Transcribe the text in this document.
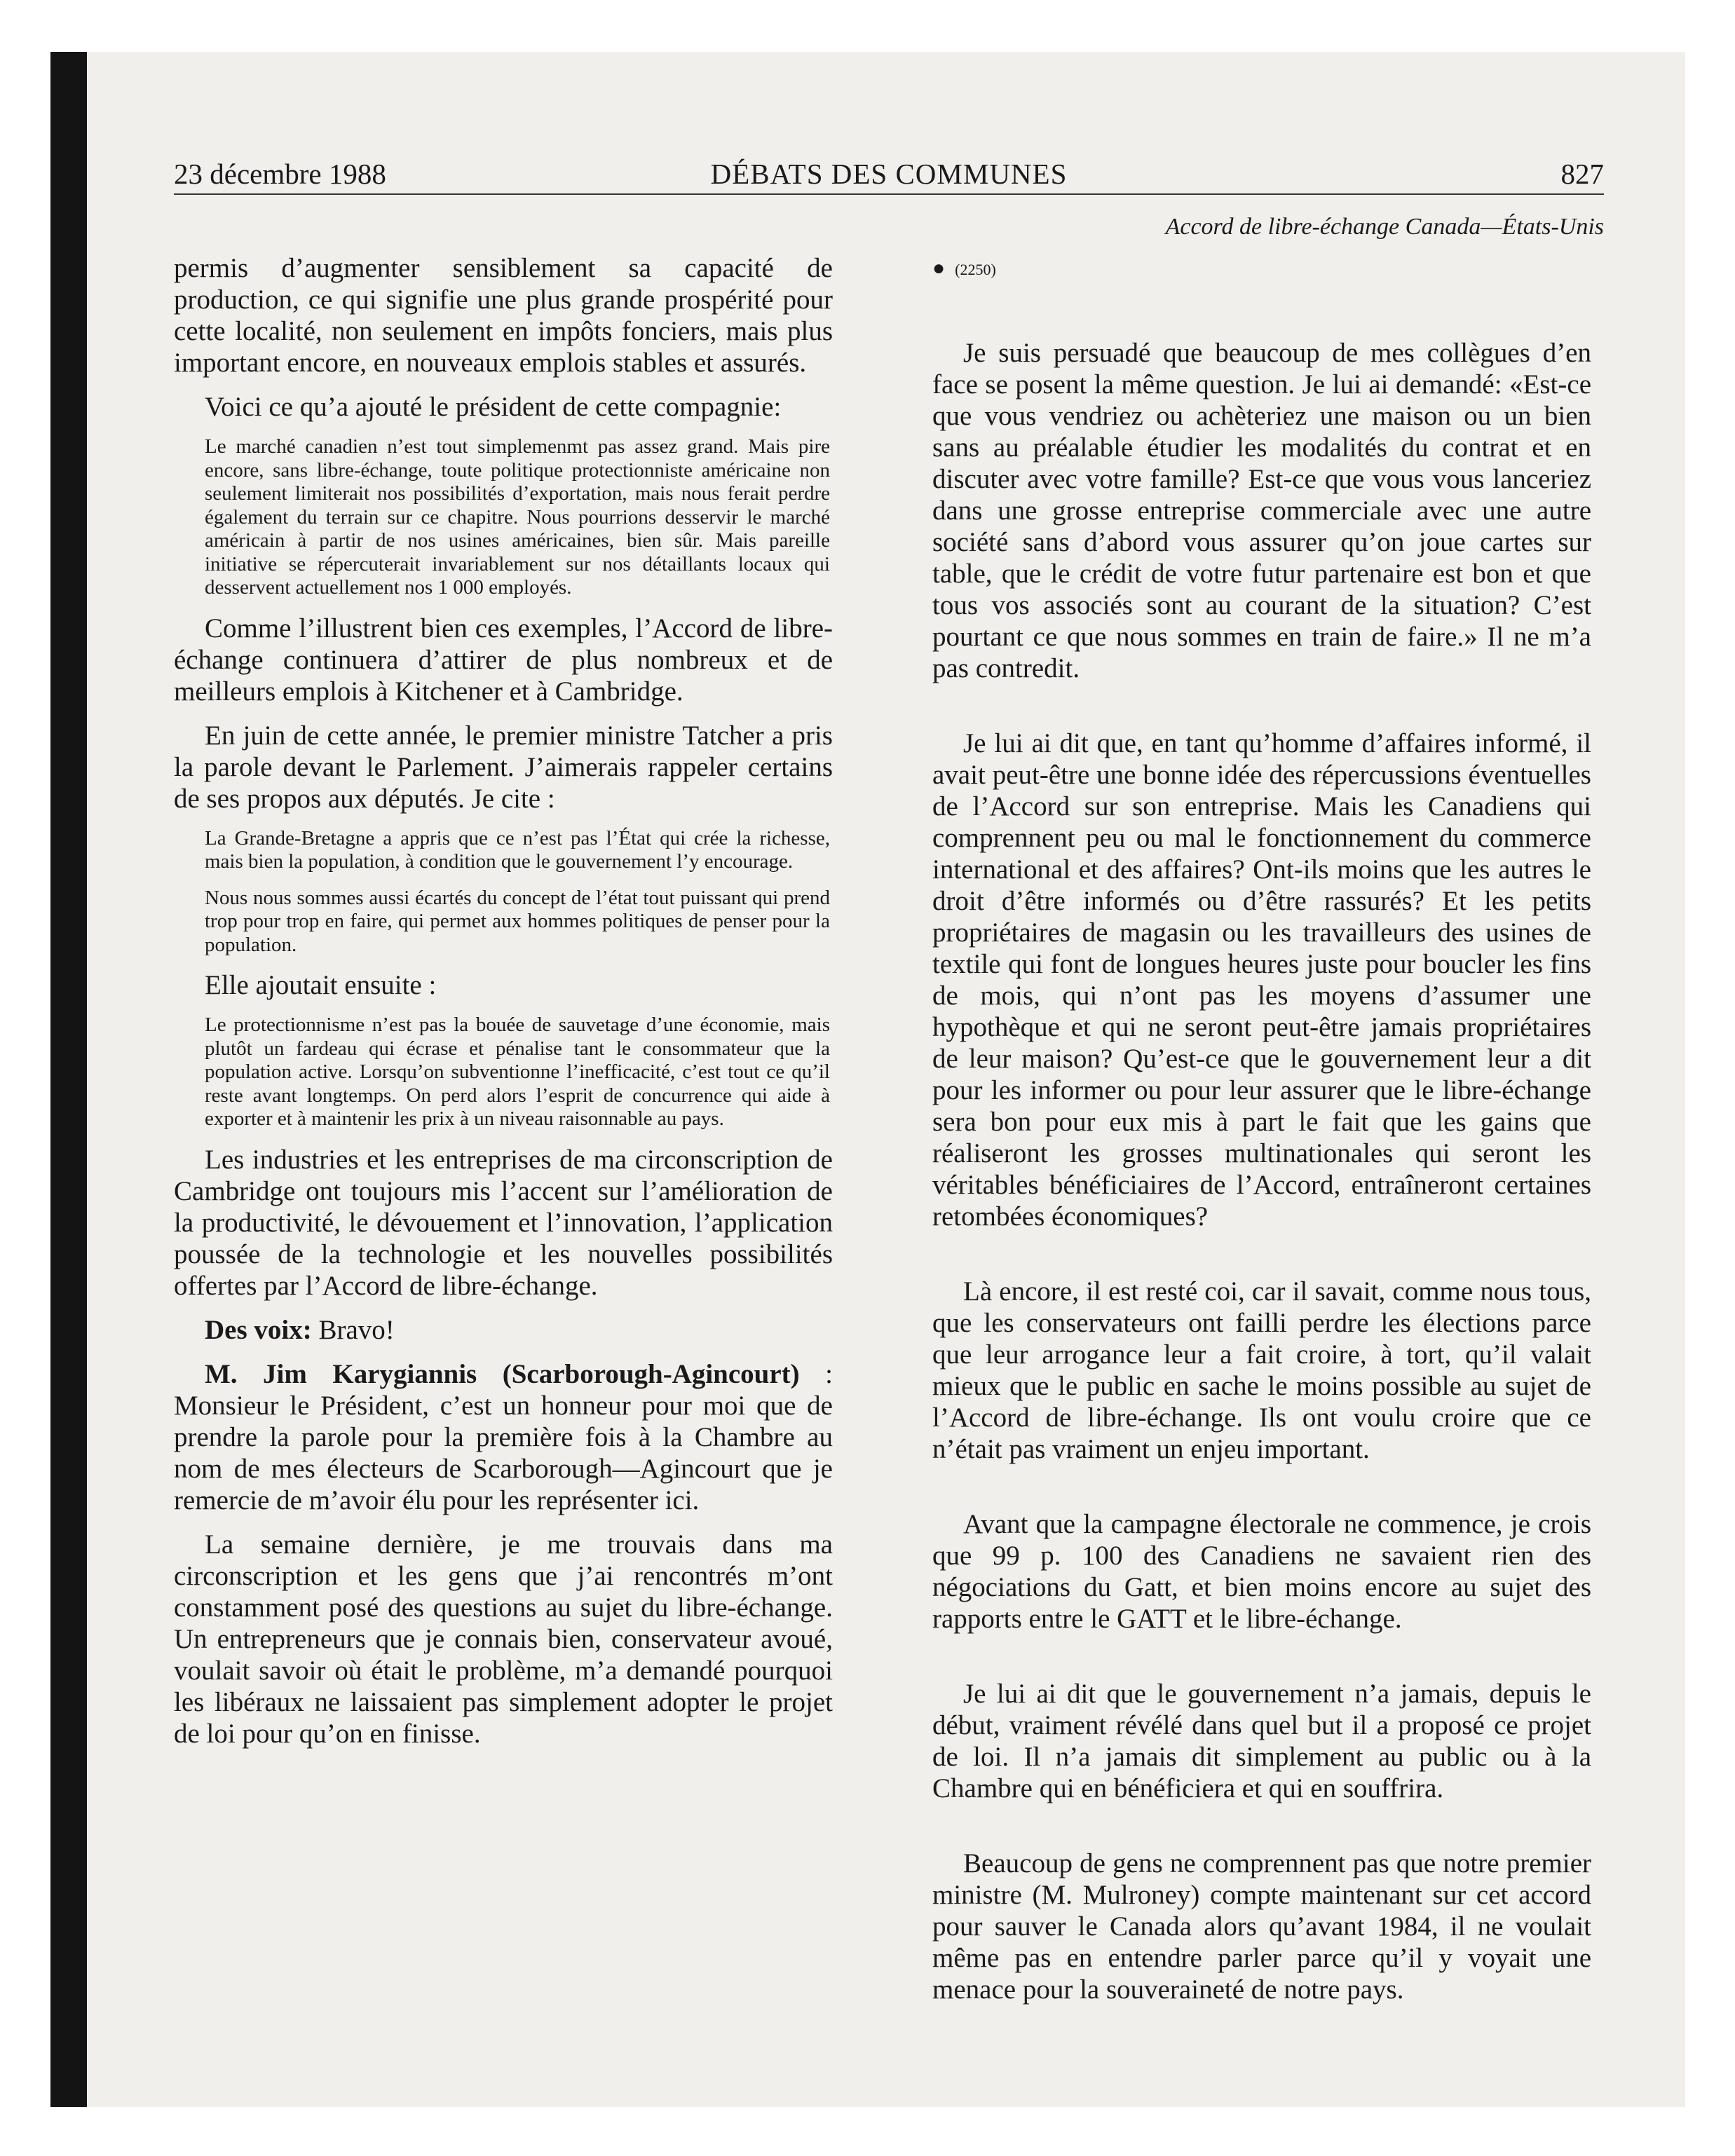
23 décembre 1988	DÉBATS DES COMMUNES	827
Accord de libre-échange Canada—États-Unis

permis d’augmenter sensiblement sa capacité de production, ce qui signifie une plus grande prospérité pour cette localité, non seulement en impôts fonciers, mais plus important encore, en nouveaux emplois stables et assurés.

Voici ce qu’a ajouté le président de cette compagnie:

Le marché canadien n’est tout simplemenmt pas assez grand. Mais pire encore, sans libre-échange, toute politique protectionniste américaine non seulement limiterait nos possibilités d’exportation, mais nous ferait perdre également du terrain sur ce chapitre. Nous pourrions desservir le marché américain à partir de nos usines américaines, bien sûr. Mais pareille initiative se répercuterait invariablement sur nos détaillants locaux qui desservent actuellement nos 1 000 employés.

Comme l’illustrent bien ces exemples, l’Accord de libre-échange continuera d’attirer de plus nombreux et de meilleurs emplois à Kitchener et à Cambridge.

En juin de cette année, le premier ministre Tatcher a pris la parole devant le Parlement. J’aimerais rappeler certains de ses propos aux députés. Je cite :

La Grande-Bretagne a appris que ce n’est pas l’État qui crée la richesse, mais bien la population, à condition que le gouvernement l’y encourage.

Nous nous sommes aussi écartés du concept de l’état tout puissant qui prend trop pour trop en faire, qui permet aux hommes politiques de penser pour la population.

Elle ajoutait ensuite :

Le protectionnisme n’est pas la bouée de sauvetage d’une économie, mais plutôt un fardeau qui écrase et pénalise tant le consommateur que la population active. Lorsqu’on subventionne l’inefficacité, c’est tout ce qu’il reste avant longtemps. On perd alors l’esprit de concurrence qui aide à exporter et à maintenir les prix à un niveau raisonnable au pays.

Les industries et les entreprises de ma circonscription de Cambridge ont toujours mis l’accent sur l’amélioration de la productivité, le dévouement et l’innovation, l’application poussée de la technologie et les nouvelles possibilités offertes par l’Accord de libre-échange.

Des voix: Bravo!

M. Jim Karygiannis (Scarborough-Agincourt) : Monsieur le Président, c’est un honneur pour moi que de prendre la parole pour la première fois à la Chambre au nom de mes électeurs de Scarborough—Agincourt que je remercie de m’avoir élu pour les représenter ici.

La semaine dernière, je me trouvais dans ma circonscription et les gens que j’ai rencontrés m’ont constamment posé des questions au sujet du libre-échange. Un entrepreneurs que je connais bien, conservateur avoué, voulait savoir où était le problème, m’a demandé pourquoi les libéraux ne laissaient pas simplement adopter le projet de loi pour qu’on en finisse.

● (2250)

Je suis persuadé que beaucoup de mes collègues d’en face se posent la même question. Je lui ai demandé: «Est-ce que vous vendriez ou achèteriez une maison ou un bien sans au préalable étudier les modalités du contrat et en discuter avec votre famille? Est-ce que vous vous lanceriez dans une grosse entreprise commerciale avec une autre société sans d’abord vous assurer qu’on joue cartes sur table, que le crédit de votre futur partenaire est bon et que tous vos associés sont au courant de la situation? C’est pourtant ce que nous sommes en train de faire.» Il ne m’a pas contredit.

Je lui ai dit que, en tant qu’homme d’affaires informé, il avait peut-être une bonne idée des répercussions éventuelles de l’Accord sur son entreprise. Mais les Canadiens qui comprennent peu ou mal le fonctionnement du commerce international et des affaires? Ont-ils moins que les autres le droit d’être informés ou d’être rassurés? Et les petits propriétaires de magasin ou les travailleurs des usines de textile qui font de longues heures juste pour boucler les fins de mois, qui n’ont pas les moyens d’assumer une hypothèque et qui ne seront peut-être jamais propriétaires de leur maison? Qu’est-ce que le gouvernement leur a dit pour les informer ou pour leur assurer que le libre-échange sera bon pour eux mis à part le fait que les gains que réaliseront les grosses multinationales qui seront les véritables bénéficiaires de l’Accord, entraîneront certaines retombées économiques?

Là encore, il est resté coi, car il savait, comme nous tous, que les conservateurs ont failli perdre les élections parce que leur arrogance leur a fait croire, à tort, qu’il valait mieux que le public en sache le moins possible au sujet de l’Accord de libre-échange. Ils ont voulu croire que ce n’était pas vraiment un enjeu important.

Avant que la campagne électorale ne commence, je crois que 99 p. 100 des Canadiens ne savaient rien des négociations du Gatt, et bien moins encore au sujet des rapports entre le GATT et le libre-échange.

Je lui ai dit que le gouvernement n’a jamais, depuis le début, vraiment révélé dans quel but il a proposé ce projet de loi. Il n’a jamais dit simplement au public ou à la Chambre qui en bénéficiera et qui en souffrira.

Beaucoup de gens ne comprennent pas que notre premier ministre (M. Mulroney) compte maintenant sur cet accord pour sauver le Canada alors qu’avant 1984, il ne voulait même pas en entendre parler parce qu’il y voyait une menace pour la souveraineté de notre pays.
